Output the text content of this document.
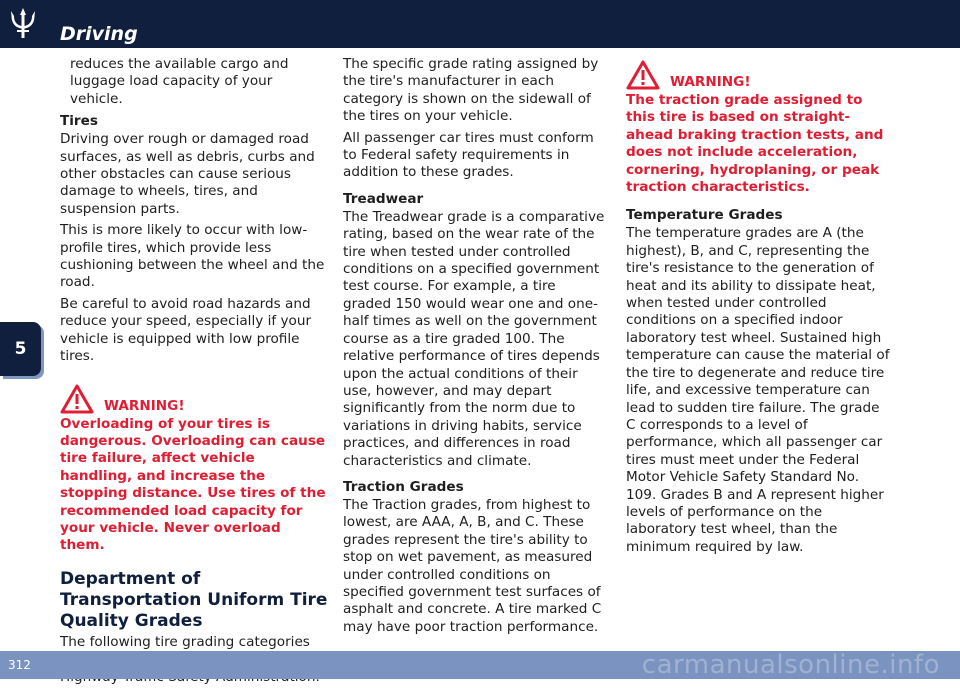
Driving
5

reduces the available cargo and luggage load capacity of your vehicle.

Tires

Driving over rough or damaged road surfaces, as well as debris, curbs and other obstacles can cause serious damage to wheels, tires, and suspension parts.

This is more likely to occur with low-profile tires, which provide less cushioning between the wheel and the road.

Be careful to avoid road hazards and reduce your speed, especially if your vehicle is equipped with low profile tires.

WARNING!

Overloading of your tires is dangerous. Overloading can cause tire failure, affect vehicle handling, and increase the stopping distance. Use tires of the recommended load capacity for your vehicle. Never overload them.

Department of Transportation Uniform Tire Quality Grades

The following tire grading categories

The specific grade rating assigned by the tire's manufacturer in each category is shown on the sidewall of the tires on your vehicle.

All passenger car tires must conform to Federal safety requirements in addition to these grades.

Treadwear

The Treadwear grade is a comparative rating, based on the wear rate of the tire when tested under controlled conditions on a specified government test course. For example, a tire graded 150 would wear one and one-half times as well on the government course as a tire graded 100. The relative performance of tires depends upon the actual conditions of their use, however, and may depart significantly from the norm due to variations in driving habits, service practices, and differences in road characteristics and climate.

Traction Grades

The Traction grades, from highest to lowest, are AAA, A, B, and C. These grades represent the tire's ability to stop on wet pavement, as measured under controlled conditions on specified government test surfaces of asphalt and concrete. A tire marked C may have poor traction performance.

WARNING!

The traction grade assigned to this tire is based on straight-ahead braking traction tests, and does not include acceleration, cornering, hydroplaning, or peak traction characteristics.

Temperature Grades

The temperature grades are A (the highest), B, and C, representing the tire's resistance to the generation of heat and its ability to dissipate heat, when tested under controlled conditions on a specified indoor laboratory test wheel. Sustained high temperature can cause the material of the tire to degenerate and reduce tire life, and excessive temperature can lead to sudden tire failure. The grade C corresponds to a level of performance, which all passenger car tires must meet under the Federal Motor Vehicle Safety Standard No. 109. Grades B and A represent higher levels of performance on the laboratory test wheel, than the minimum required by law.

312	carmanualsonline.info
